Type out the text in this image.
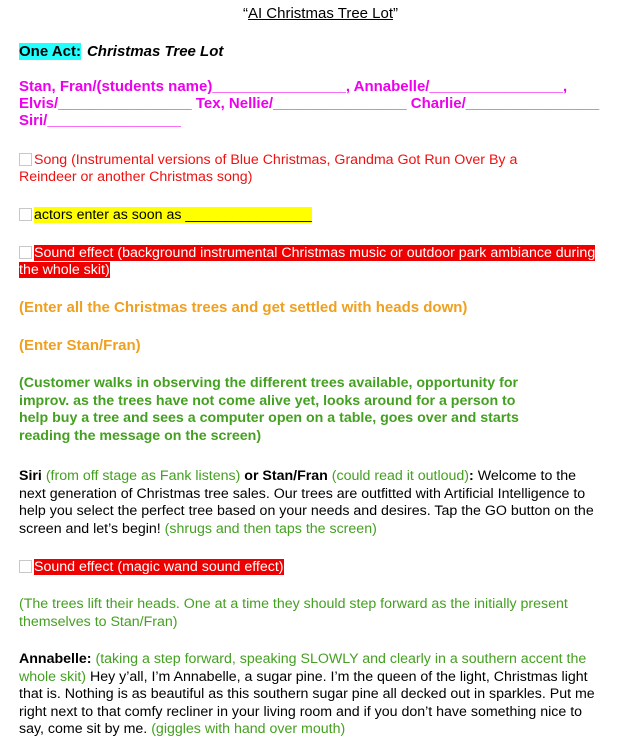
“AI Christmas Tree Lot”
One Act: Christmas Tree Lot
Stan, Fran/(students name)________________, Annabelle/________________,
Elvis/________________ Tex, Nellie/________________ Charlie/________________
Siri/________________
Song (Instrumental versions of Blue Christmas, Grandma Got Run Over By a
Reindeer or another Christmas song)
actors enter as soon as ________________
Sound effect (background instrumental Christmas music or outdoor park ambiance during
the whole skit)
(Enter all the Christmas trees and get settled with heads down)
(Enter Stan/Fran)
(Customer walks in observing the different trees available, opportunity for
improv. as the trees have not come alive yet, looks around for a person to
help buy a tree and sees a computer open on a table, goes over and starts
reading the message on the screen)
Siri (from off stage as Fank listens) or Stan/Fran (could read it outloud): Welcome to the
next generation of Christmas tree sales. Our trees are outfitted with Artificial Intelligence to
help you select the perfect tree based on your needs and desires. Tap the GO button on the
screen and let’s begin! (shrugs and then taps the screen)
Sound effect (magic wand sound effect)
(The trees lift their heads. One at a time they should step forward as the initially present
themselves to Stan/Fran)
Annabelle: (taking a step forward, speaking SLOWLY and clearly in a southern accent the
whole skit) Hey y’all, I’m Annabelle, a sugar pine. I’m the queen of the light, Christmas light
that is. Nothing is as beautiful as this southern sugar pine all decked out in sparkles. Put me
right next to that comfy recliner in your living room and if you don’t have something nice to
say, come sit by me. (giggles with hand over mouth)
